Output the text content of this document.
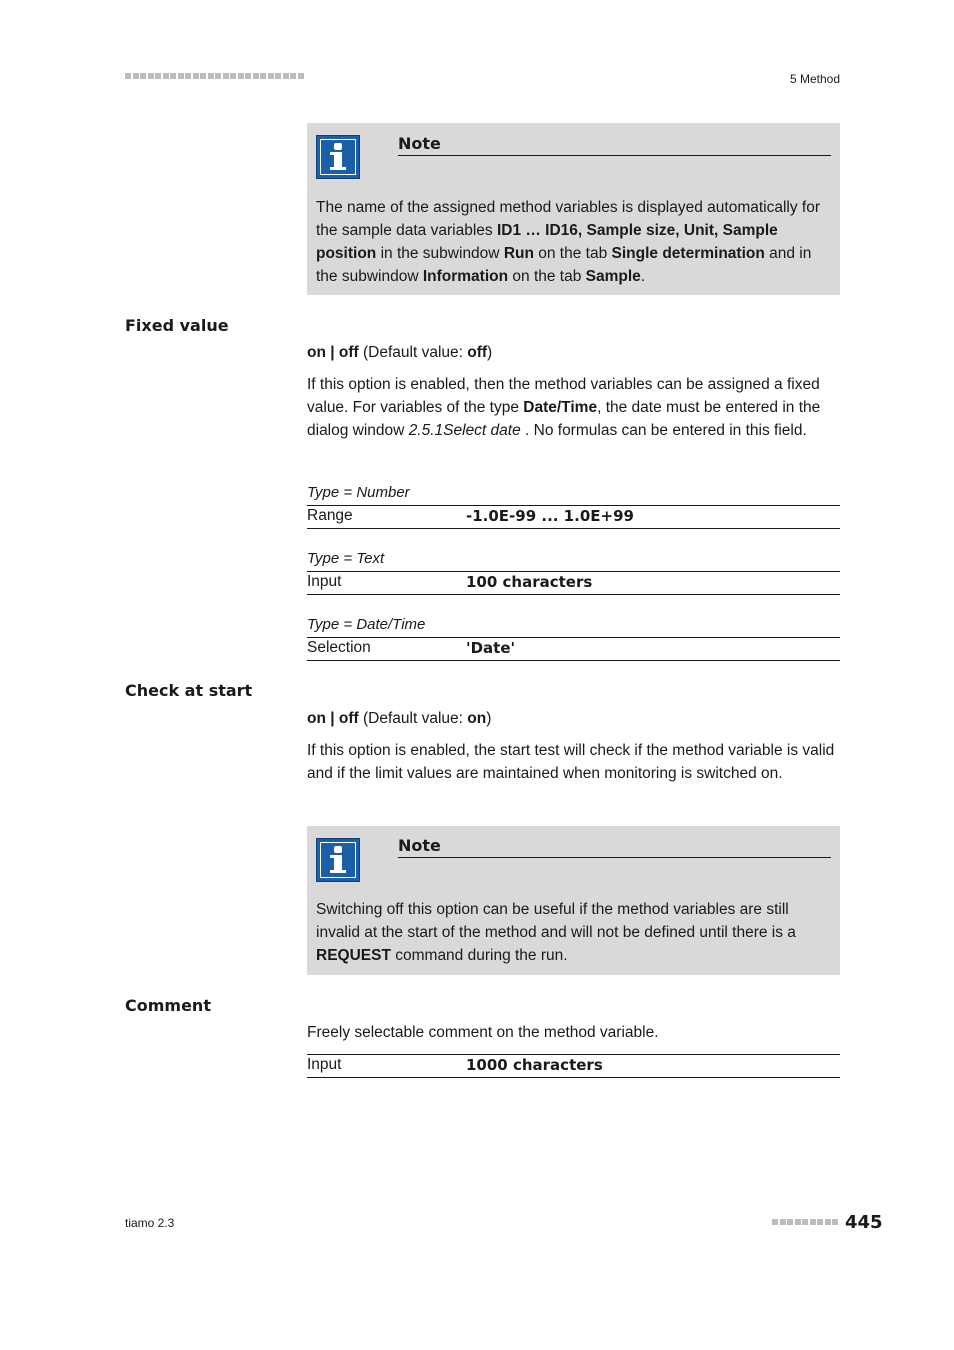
5 Method
Note
The name of the assigned method variables is displayed automatically for the sample data variables ID1 … ID16, Sample size, Unit, Sample position in the subwindow Run on the tab Single determination and in the subwindow Information on the tab Sample.
Fixed value
on | off (Default value: off)
If this option is enabled, then the method variables can be assigned a fixed value. For variables of the type Date/Time, the date must be entered in the dialog window 2.5.1Select date . No formulas can be entered in this field.
Type = Number
Range	-1.0E-99 ... 1.0E+99
Type = Text
Input	100 characters
Type = Date/Time
Selection	'Date'
Check at start
on | off (Default value: on)
If this option is enabled, the start test will check if the method variable is valid and if the limit values are maintained when monitoring is switched on.
Note
Switching off this option can be useful if the method variables are still invalid at the start of the method and will not be defined until there is a REQUEST command during the run.
Comment
Freely selectable comment on the method variable.
Input	1000 characters
tiamo 2.3	445
